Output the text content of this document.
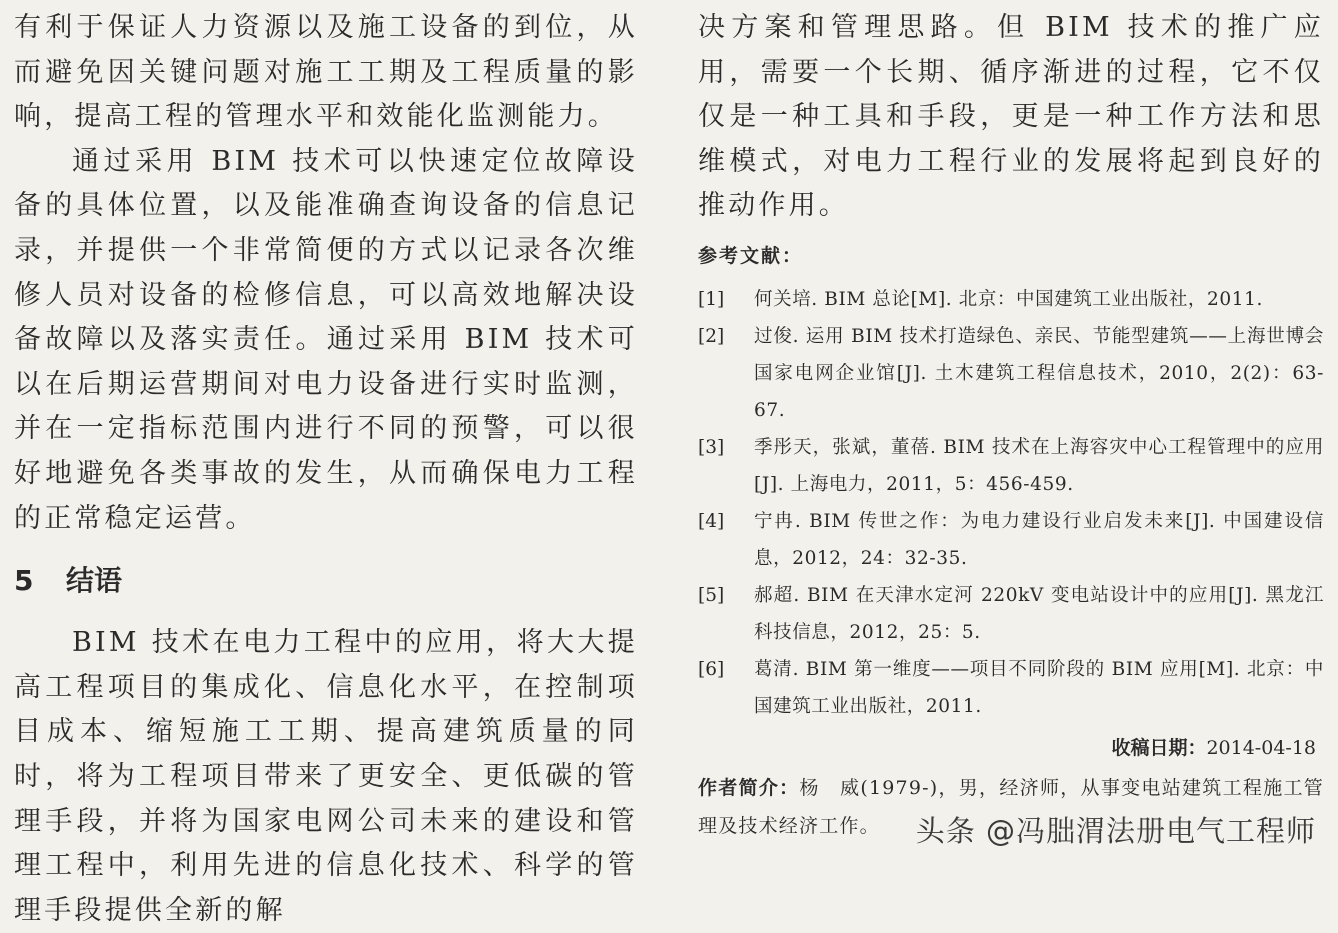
有利于保证人力资源以及施工设备的到位，从而避免因关键问题对施工工期及工程质量的影响，提高工程的管理水平和效能化监测能力。

通过采用 BIM 技术可以快速定位故障设备的具体位置，以及能准确查询设备的信息记录，并提供一个非常简便的方式以记录各次维修人员对设备的检修信息，可以高效地解决设备故障以及落实责任。通过采用 BIM 技术可以在后期运营期间对电力设备进行实时监测，并在一定指标范围内进行不同的预警，可以很好地避免各类事故的发生，从而确保电力工程的正常稳定运营。

5 结语

BIM 技术在电力工程中的应用，将大大提高工程项目的集成化、信息化水平，在控制项目成本、缩短施工工期、提高建筑质量的同时，将为工程项目带来了更安全、更低碳的管理手段，并将为国家电网公司未来的建设和管理工程中，利用先进的信息化技术、科学的管理手段提供全新的解

决方案和管理思路。但 BIM 技术的推广应用，需要一个长期、循序渐进的过程，它不仅仅是一种工具和手段，更是一种工作方法和思维模式，对电力工程行业的发展将起到良好的推动作用。

参考文献：
[1]	何关培. BIM 总论[M]. 北京：中国建筑工业出版社，2011.
[2]	过俊. 运用 BIM 技术打造绿色、亲民、节能型建筑——上海世博会国家电网企业馆[J]. 土木建筑工程信息技术，2010，2(2)：63-67.
[3]	季彤天，张斌，董蓓. BIM 技术在上海容灾中心工程管理中的应用[J]. 上海电力，2011，5：456-459.
[4]	宁冉. BIM 传世之作：为电力建设行业启发未来[J]. 中国建设信息，2012，24：32-35.
[5]	郝超. BIM 在天津水定河 220kV 变电站设计中的应用[J]. 黑龙江科技信息，2012，25：5.
[6]	葛清. BIM 第一维度——项目不同阶段的 BIM 应用[M]. 北京：中国建筑工业出版社，2011.
收稿日期：2014-04-18
作者简介：杨　威(1979-)，男，经济师，从事变电站建筑工程施工管理及技术经济工作。	头条 @冯朏渭法册电气工程师
